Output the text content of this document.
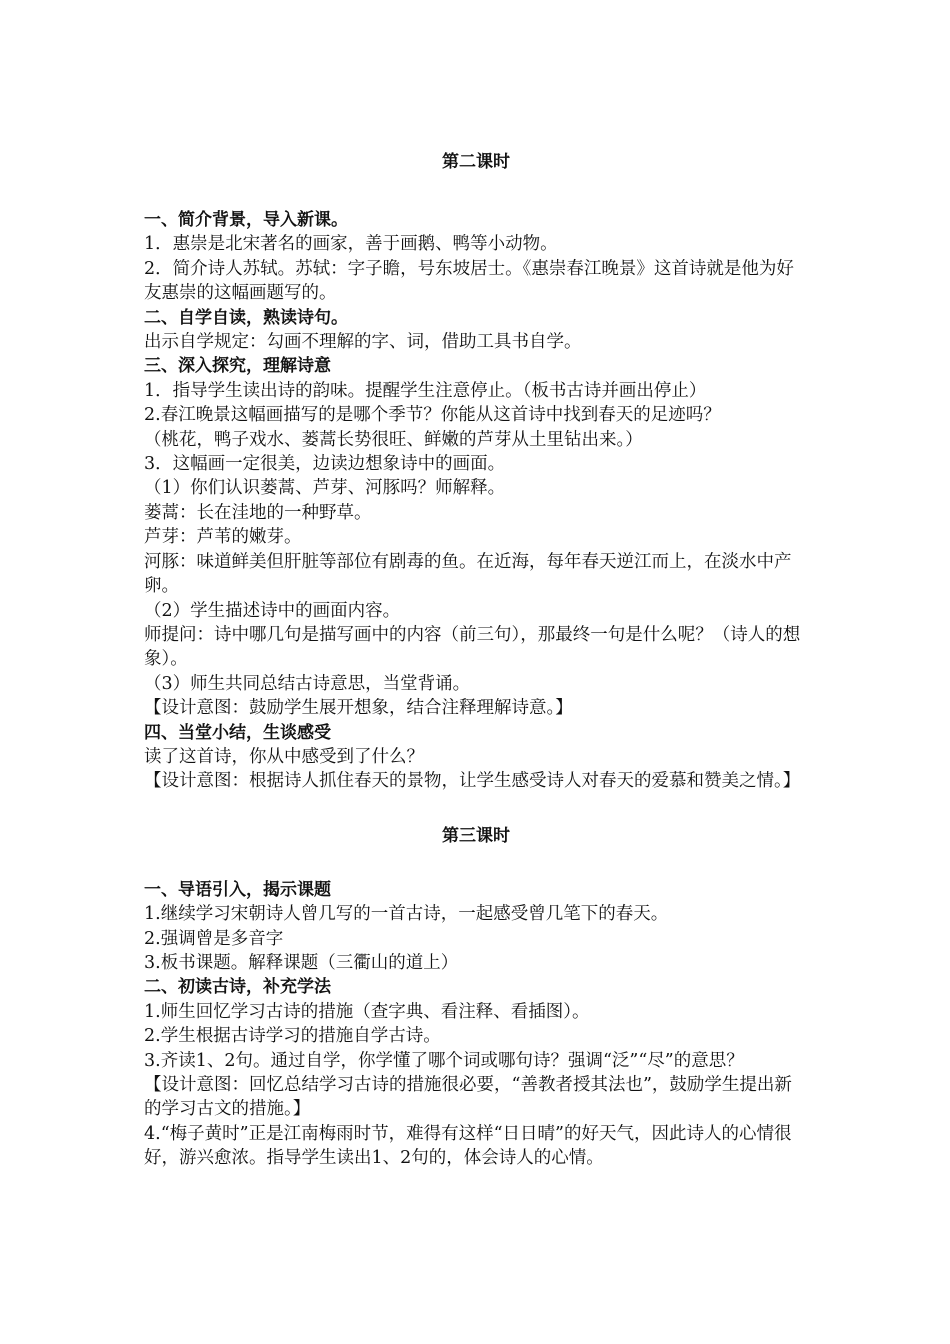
第二课时
一、简介背景，导入新课。
1．惠崇是北宋著名的画家，善于画鹅、鸭等小动物。
2．简介诗人苏轼。苏轼：字子瞻，号东坡居士。《惠崇春江晚景》这首诗就是他为好友惠崇的这幅画题写的。
二、自学自读，熟读诗句。
出示自学规定：勾画不理解的字、词，借助工具书自学。
三、深入探究，理解诗意
1．指导学生读出诗的韵味。提醒学生注意停止。（板书古诗并画出停止）
2.春江晚景这幅画描写的是哪个季节？你能从这首诗中找到春天的足迹吗？
（桃花，鸭子戏水、蒌蒿长势很旺、鲜嫩的芦芽从土里钻出来。）
3．这幅画一定很美，边读边想象诗中的画面。
（1）你们认识蒌蒿、芦芽、河豚吗？师解释。
蒌蒿：长在洼地的一种野草。
芦芽：芦苇的嫩芽。
河豚：味道鲜美但肝脏等部位有剧毒的鱼。在近海，每年春天逆江而上，在淡水中产卵。
（2）学生描述诗中的画面内容。
师提问：诗中哪几句是描写画中的内容（前三句），那最终一句是什么呢？（诗人的想象）。
（3）师生共同总结古诗意思，当堂背诵。
【设计意图：鼓励学生展开想象，结合注释理解诗意。】
四、当堂小结，生谈感受
读了这首诗，你从中感受到了什么？
【设计意图：根据诗人抓住春天的景物，让学生感受诗人对春天的爱慕和赞美之情。】
第三课时
一、导语引入，揭示课题
1.继续学习宋朝诗人曾几写的一首古诗，一起感受曾几笔下的春天。
2.强调曾是多音字
3.板书课题。解释课题（三衢山的道上）
二、初读古诗，补充学法
1.师生回忆学习古诗的措施（查字典、看注释、看插图）。
2.学生根据古诗学习的措施自学古诗。
3.齐读1、2句。通过自学，你学懂了哪个词或哪句诗？强调“泛”“尽”的意思？
【设计意图：回忆总结学习古诗的措施很必要，“善教者授其法也”，鼓励学生提出新的学习古文的措施。】
4.“梅子黄时”正是江南梅雨时节，难得有这样“日日晴”的好天气，因此诗人的心情很好，游兴愈浓。指导学生读出1、2句的，体会诗人的心情。
